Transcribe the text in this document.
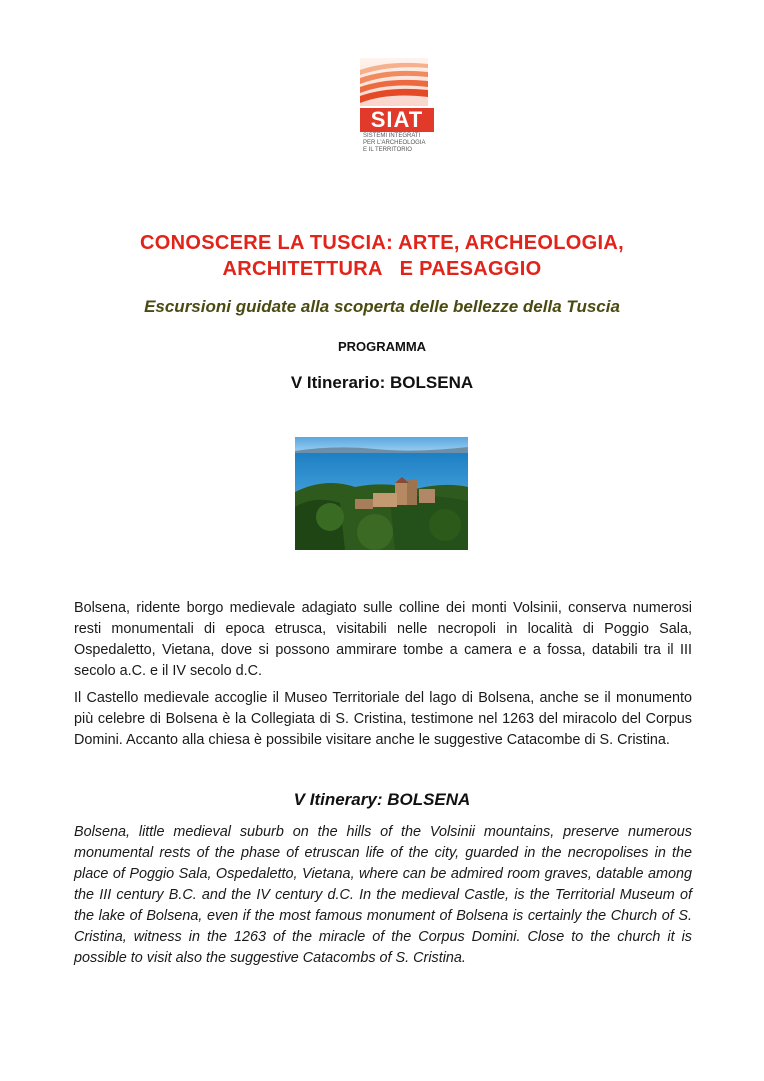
SIAT
SISTEMI INTEGRATI
PER L'ARCHEOLOGIA
E IL TERRITORIO
CONOSCERE LA TUSCIA: ARTE, ARCHEOLOGIA,
ARCHITETTURA   E PAESAGGIO
Escursioni guidate alla scoperta delle bellezze della Tuscia
PROGRAMMA
V Itinerario: BOLSENA
Bolsena, ridente borgo medievale adagiato sulle colline dei monti Volsinii, conserva numerosi resti monumentali di epoca etrusca, visitabili nelle necropoli in località di Poggio Sala, Ospedaletto, Vietana, dove si possono ammirare tombe a camera e a fossa, databili tra il III secolo a.C. e il IV secolo d.C.
Il Castello medievale accoglie il Museo Territoriale del lago di Bolsena, anche se il monumento più celebre di Bolsena è la Collegiata di S. Cristina, testimone nel 1263 del miracolo del Corpus Domini. Accanto alla chiesa è possibile visitare anche le suggestive Catacombe di S. Cristina.
V Itinerary: BOLSENA
Bolsena, little medieval suburb on the hills of the Volsinii mountains, preserve numerous monumental rests of the phase of etruscan life of the city, guarded in the necropolises in the place of Poggio Sala, Ospedaletto, Vietana, where can be admired room graves, datable among the III century B.C. and the IV century d.C. In the medieval Castle, is the Territorial Museum of the lake of Bolsena, even if the most famous monument of Bolsena is certainly the Church of S. Cristina, witness in the 1263 of the miracle of the Corpus Domini. Close to the church it is possible to visit also the suggestive Catacombs of S. Cristina.
